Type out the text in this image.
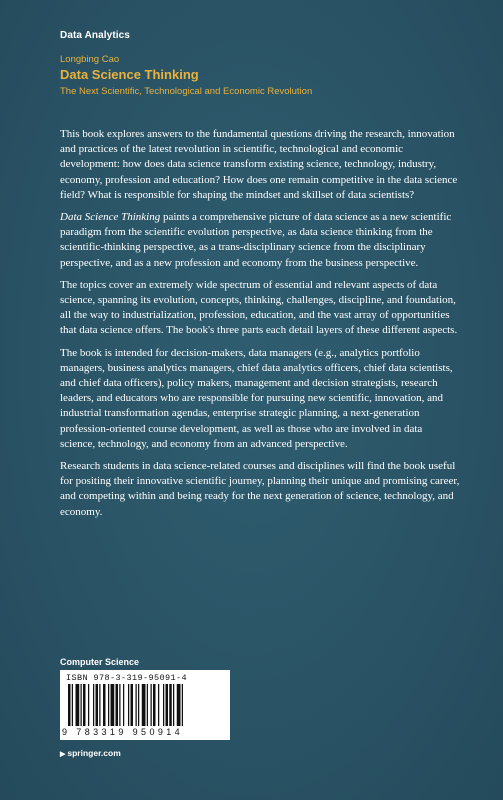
Data Analytics
Longbing Cao
Data Science Thinking
The Next Scientific, Technological and Economic Revolution

This book explores answers to the fundamental questions driving the research, innovation and practices of the latest revolution in scientific, technological and economic development: how does data science transform existing science, technology, industry, economy, profession and education? How does one remain competitive in the data science field? What is responsible for shaping the mindset and skillset of data scientists?

Data Science Thinking paints a comprehensive picture of data science as a new scientific paradigm from the scientific evolution perspective, as data science thinking from the scientific-thinking perspective, as a trans-disciplinary science from the disciplinary perspective, and as a new profession and economy from the business perspective.

The topics cover an extremely wide spectrum of essential and relevant aspects of data science, spanning its evolution, concepts, thinking, challenges, discipline, and foundation, all the way to industrialization, profession, education, and the vast array of opportunities that data science offers. The book's three parts each detail layers of these different aspects.

The book is intended for decision-makers, data managers (e.g., analytics portfolio managers, business analytics managers, chief data analytics officers, chief data scientists, and chief data officers), policy makers, management and decision strategists, research leaders, and educators who are responsible for pursuing new scientific, innovation, and industrial transformation agendas, enterprise strategic planning, a next-generation profession-oriented course development, as well as those who are involved in data science, technology, and economy from an advanced perspective.

Research students in data science-related courses and disciplines will find the book useful for positing their innovative scientific journey, planning their unique and promising career, and competing within and being ready for the next generation of science, technology, and economy.

Computer Science
ISBN 978-3-319-95091-4
9 783319 950914
▶ springer.com
